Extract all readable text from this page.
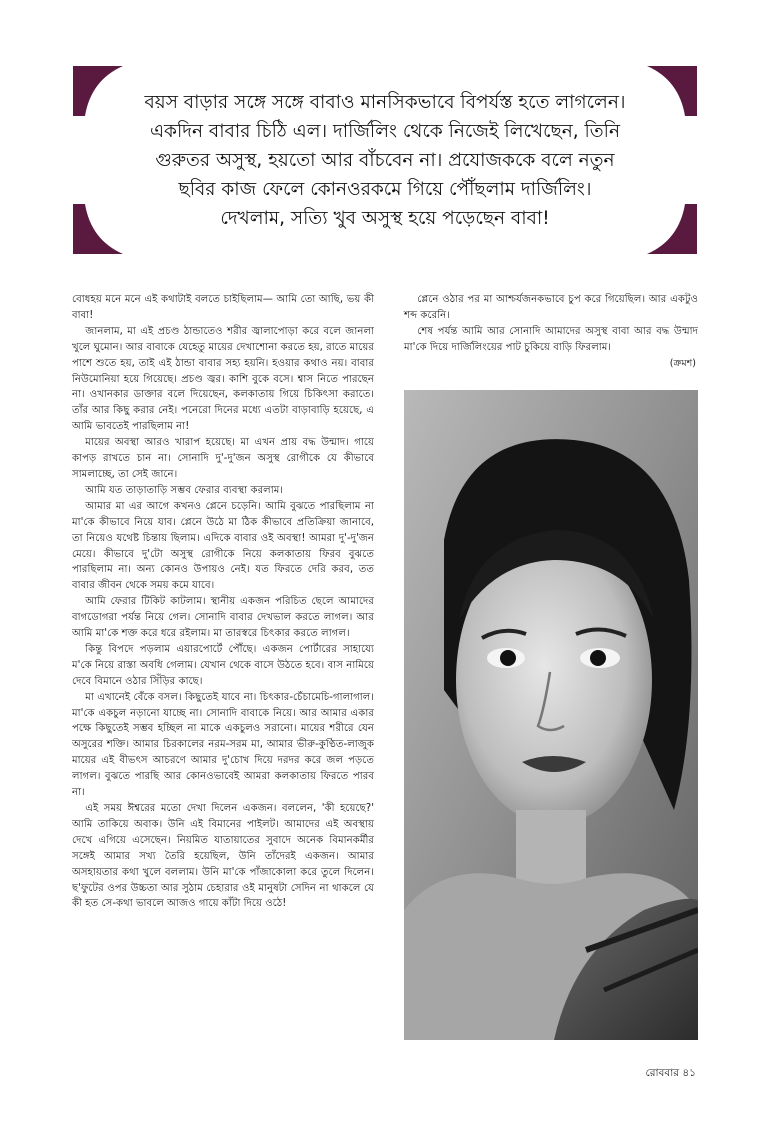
বয়স বাড়ার সঙ্গে সঙ্গে বাবাও মানসিকভাবে বিপর্যস্ত হতে লাগলেন।
একদিন বাবার চিঠি এল। দার্জিলিং থেকে নিজেই লিখেছেন, তিনি
গুরুতর অসুস্থ, হয়তো আর বাঁচবেন না। প্রযোজককে বলে নতুন
ছবির কাজ ফেলে কোনওরকমে গিয়ে পৌঁছলাম দার্জিলিং।
দেখলাম, সত্যি খুব অসুস্থ হয়ে পড়েছেন বাবা!

বোধহয় মনে মনে এই কথাটাই বলতে চাইছিলাম— আমি তো আছি, ভয় কী বাবা!

জানলাম, মা এই প্রচণ্ড ঠান্ডাতেও শরীর জ্বালাপোড়া করে বলে জানলা খুলে ঘুমোন। আর বাবাকে যেহেতু মায়ের দেখাশোনা করতে হয়, রাতে মায়ের পাশে শুতে হয়, তাই এই ঠান্ডা বাবার সহ্য হয়নি। হওয়ার কথাও নয়। বাবার নিউমোনিয়া হয়ে গিয়েছে। প্রচণ্ড জ্বর। কাশি বুকে বসে। শ্বাস নিতে পারছেন না। ওখানকার ডাক্তার বলে দিয়েছেন, কলকাতায় গিয়ে চিকিৎসা করাতে। তাঁর আর কিছু করার নেই। পনেরো দিনের মধ্যে এতটা বাড়াবাড়ি হয়েছে, এ আমি ভাবতেই পারছিলাম না!

মায়ের অবস্থা আরও খারাপ হয়েছে। মা এখন প্রায় বদ্ধ উন্মাদ। গায়ে কাপড় রাখতে চান না। সোনাদি দু'-দু'জন অসুস্থ রোগীকে যে কীভাবে সামলাচ্ছে, তা সেই জানে।

আমি যত তাড়াতাড়ি সম্ভব ফেরার ব্যবস্থা করলাম।

আমার মা এর আগে কখনও প্লেনে চড়েনি। আমি বুঝতে পারছিলাম না মা'কে কীভাবে নিয়ে যাব। প্লেনে উঠে মা ঠিক কীভাবে প্রতিক্রিয়া জানাবে, তা নিয়েও যথেষ্ট চিন্তায় ছিলাম। এদিকে বাবার ওই অবস্থা! আমরা দু'-দু'জন মেয়ে। কীভাবে দু'টো অসুস্থ রোগীকে নিয়ে কলকাতায় ফিরব বুঝতে পারছিলাম না। অন্য কোনও উপায়ও নেই। যত ফিরতে দেরি করব, তত বাবার জীবন থেকে সময় কমে যাবে।

আমি ফেরার টিকিট কাটলাম। স্থানীয় একজন পরিচিত ছেলে আমাদের বাগডোগরা পর্যন্ত নিয়ে গেল। সোনাদি বাবার দেখভাল করতে লাগল। আর আমি মা'কে শক্ত করে ধরে রইলাম। মা তারস্বরে চিৎকার করতে লাগল।

কিন্তু বিপদে পড়লাম এয়ারপোর্টে পৌঁছে। একজন পোর্টারের সাহায্যে ম'কে নিয়ে রাস্তা অবধি গেলাম। যেখান থেকে বাসে উঠতে হবে। বাস নামিয়ে দেবে বিমানে ওঠার সিঁড়ির কাছে।

মা এখানেই বেঁকে বসল। কিছুতেই যাবে না। চিৎকার-চেঁচামেচি-গালাগাল। মা'কে একচুল নড়ানো যাচ্ছে না। সোনাদি বাবাকে নিয়ে। আর আমার একার পক্ষে কিছুতেই সম্ভব হচ্ছিল না মাকে একচুলও সরানো। মায়ের শরীরে যেন অসুরের শক্তি। আমার চিরকালের নরম-সরম মা, আমার ভীরু-কুণ্ঠিত-লাজুক মায়ের এই বীভৎস আচরণে আমার দু'চোখ দিয়ে দরদর করে জল পড়তে লাগল। বুঝতে পারছি আর কোনওভাবেই আমরা কলকাতায় ফিরতে পারব না।

এই সময় ঈশ্বরের মতো দেখা দিলেন একজন। বললেন, 'কী হয়েছে?' আমি তাকিয়ে অবাক। উনি এই বিমানের পাইলট। আমাদের এই অবস্থায় দেখে এগিয়ে এসেছেন। নিয়মিত যাতায়াতের সুবাদে অনেক বিমানকর্মীর সঙ্গেই আমার সখ্য তৈরি হয়েছিল, উনি তাঁদেরই একজন। আমার অসহায়তার কথা খুলে বললাম। উনি মা'কে পাঁজাকোলা করে তুলে দিলেন। ছ'ফুটের ওপর উচ্চতা আর সুঠাম চেহারার ওই মানুষটা সেদিন না থাকলে যে কী হত সে-কথা ভাবলে আজও গায়ে কাঁটা দিয়ে ওঠে!

প্লেনে ওঠার পর মা আশ্চর্যজনকভাবে চুপ করে গিয়েছিল। আর একটুও শব্দ করেনি।

শেষ পর্যন্ত আমি আর সোনাদি আমাদের অসুস্থ বাবা আর বদ্ধ উন্মাদ মা'কে দিয়ে দার্জিলিংয়ের পাট চুকিয়ে বাড়ি ফিরলাম।

(ক্রমশ)

রোববার ৪১
